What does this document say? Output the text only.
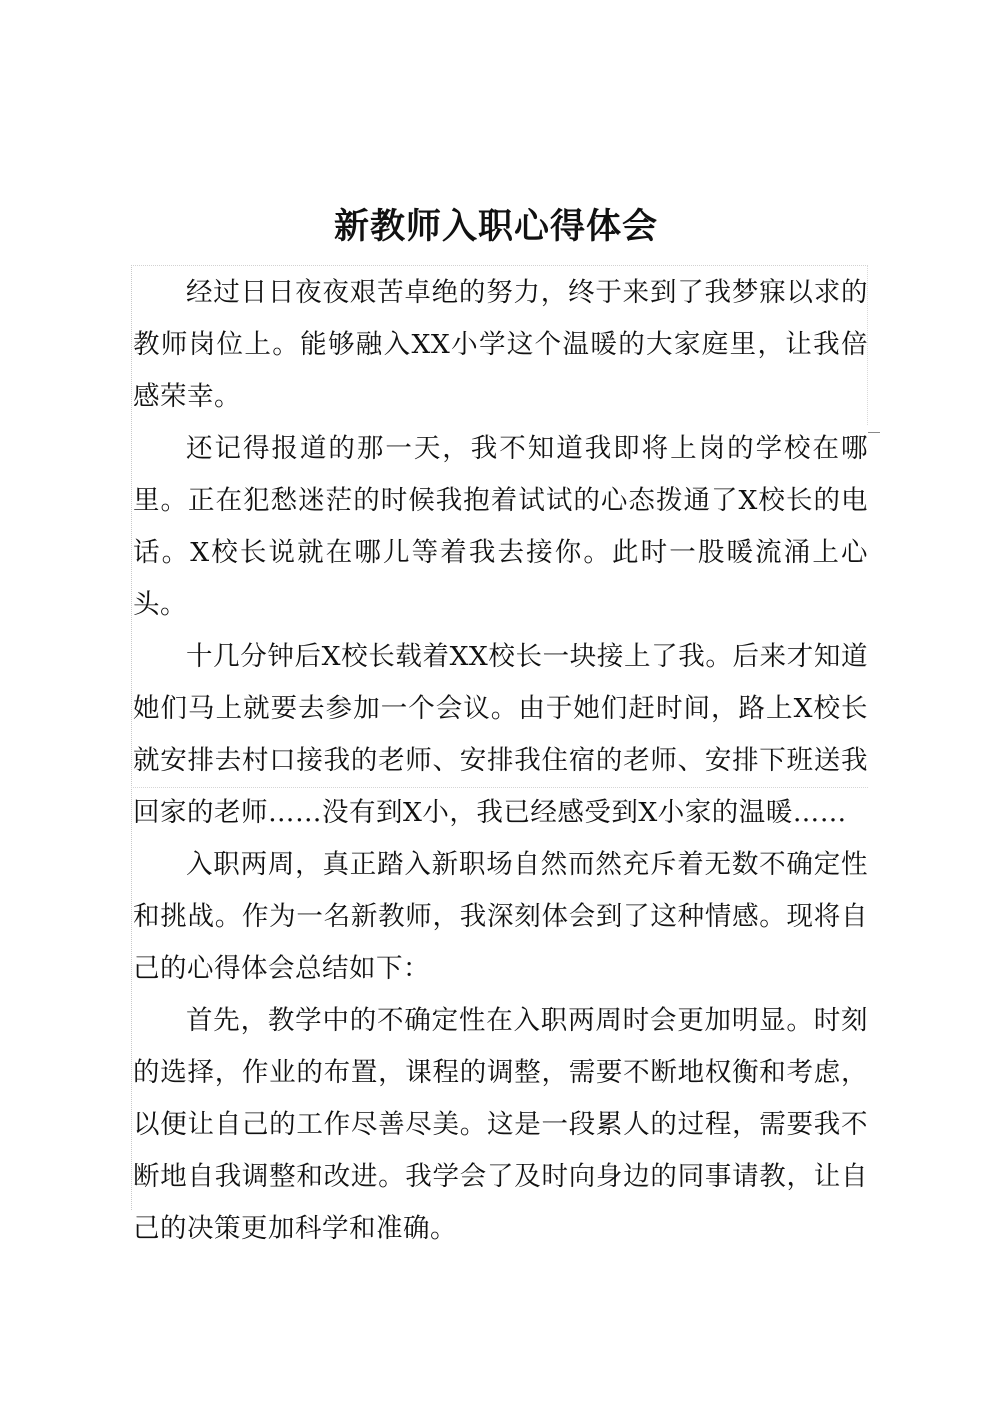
新教师入职心得体会

经过日日夜夜艰苦卓绝的努力，终于来到了我梦寐以求的教师岗位上。能够融入XX小学这个温暖的大家庭里，让我倍感荣幸。

还记得报道的那一天，我不知道我即将上岗的学校在哪里。正在犯愁迷茫的时候我抱着试试的心态拨通了X校长的电话。X校长说就在哪儿等着我去接你。此时一股暖流涌上心头。

十几分钟后X校长载着XX校长一块接上了我。后来才知道她们马上就要去参加一个会议。由于她们赶时间，路上X校长就安排去村口接我的老师、安排我住宿的老师、安排下班送我回家的老师……没有到X小，我已经感受到X小家的温暖……

入职两周，真正踏入新职场自然而然充斥着无数不确定性和挑战。作为一名新教师，我深刻体会到了这种情感。现将自己的心得体会总结如下：

首先，教学中的不确定性在入职两周时会更加明显。时刻的选择，作业的布置，课程的调整，需要不断地权衡和考虑，以便让自己的工作尽善尽美。这是一段累人的过程，需要我不断地自我调整和改进。我学会了及时向身边的同事请教，让自己的决策更加科学和准确。
